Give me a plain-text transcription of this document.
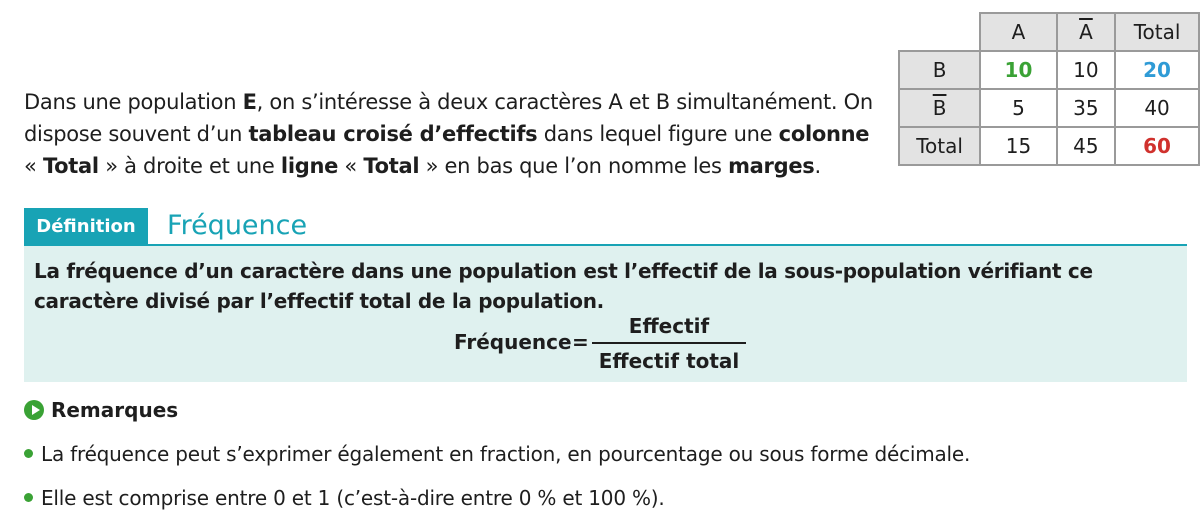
Dans une population E, on s’intéresse à deux caractères A et B simultanément. On dispose souvent d’un tableau croisé d’effectifs dans lequel figure une colonne « Total » à droite et une ligne « Total » en bas que l’on nomme les marges.
	A	$\overline{A}$	Total
B	10	10	20
$\overline{B}$	5	35	40
Total	15	45	60
Définition	Fréquence
La fréquence d’un caractère dans une population est l’effectif de la sous-population vérifiant ce caractère divisé par l’effectif total de la population.
Fréquence =
Effectif
Effectif total
Remarques
La fréquence peut s’exprimer également en fraction, en pourcentage ou sous forme décimale.
Elle est comprise entre 0 et 1 (c’est-à-dire entre 0 % et 100 %).
